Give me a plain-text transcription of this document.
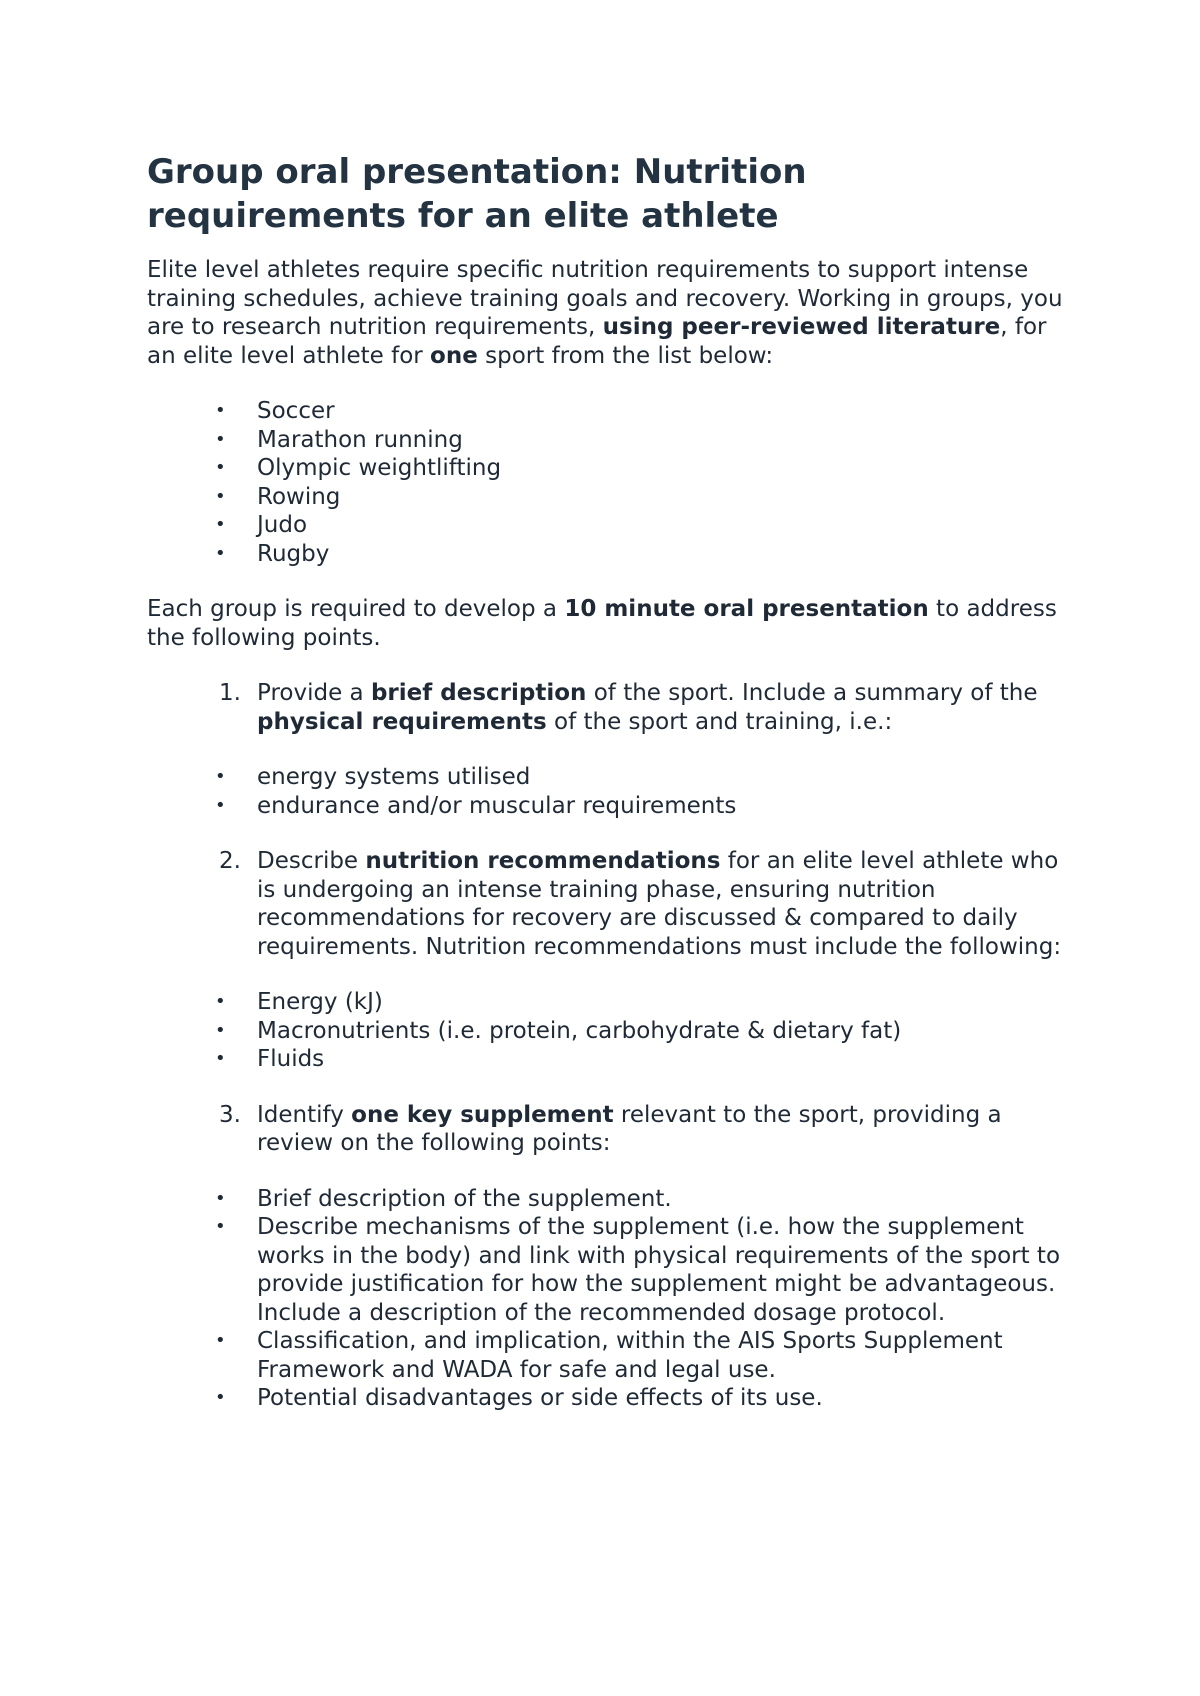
Group oral presentation: Nutrition requirements for an elite athlete

Elite level athletes require specific nutrition requirements to support intense training schedules, achieve training goals and recovery. Working in groups, you are to research nutrition requirements, using peer-reviewed literature, for an elite level athlete for one sport from the list below:

• Soccer
• Marathon running
• Olympic weightlifting
• Rowing
• Judo
• Rugby

Each group is required to develop a 10 minute oral presentation to address the following points.

1. Provide a brief description of the sport. Include a summary of the physical requirements of the sport and training, i.e.:
• energy systems utilised
• endurance and/or muscular requirements
2. Describe nutrition recommendations for an elite level athlete who is undergoing an intense training phase, ensuring nutrition recommendations for recovery are discussed & compared to daily requirements. Nutrition recommendations must include the following:
• Energy (kJ)
• Macronutrients (i.e. protein, carbohydrate & dietary fat)
• Fluids
3. Identify one key supplement relevant to the sport, providing a review on the following points:
• Brief description of the supplement.
• Describe mechanisms of the supplement (i.e. how the supplement works in the body) and link with physical requirements of the sport to provide justification for how the supplement might be advantageous. Include a description of the recommended dosage protocol.
• Classification, and implication, within the AIS Sports Supplement Framework and WADA for safe and legal use.
• Potential disadvantages or side effects of its use.
